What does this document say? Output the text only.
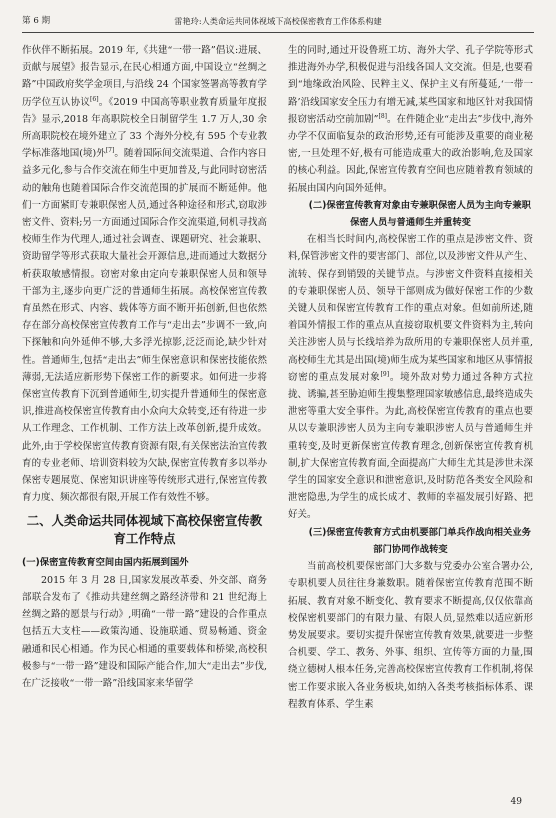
第 6 期	雷艳玲:人类命运共同体视域下高校保密教育工作体系构建

作伙伴不断拓展。2019 年,《共建“一带一路”倡议:进展、贡献与展望》报告显示,在民心相通方面,中国设立“丝绸之路”中国政府奖学金项目,与沿线 24 个国家签署高等教育学历学位互认协议[6]。《2019 中国高等职业教育质量年度报告》显示,2018 年高职院校全日制留学生 1.7 万人,30 余所高职院校在境外建立了 33 个海外分校,有 595 个专业教学标准落地国(境)外[7]。随着国际间交流渠道、合作内容日益多元化,参与合作交流在师生中更加普及,与此同时窃密活动的触角也随着国际合作交流范围的扩展而不断延伸。他们一方面紧盯专兼职保密人员,通过各种途径和形式,窃取涉密文件、资料;另一方面通过国际合作交流渠道,伺机寻找高校师生作为代理人,通过社会调查、课题研究、社会兼职、资助留学等形式获取大量社会开源信息,进而通过大数据分析获取敏感情报。窃密对象由定向专兼职保密人员和领导干部为主,逐步向更广泛的普通师生拓展。高校保密宣传教育虽然在形式、内容、载体等方面不断开拓创新,但也依然存在部分高校保密宣传教育工作与“走出去”步调不一致,向下探触和向外延伸不够,大多浮光掠影,泛泛而论,缺少针对性。普通师生,包括“走出去”师生保密意识和保密技能依然薄弱,无法适应新形势下保密工作的新要求。如何进一步将保密宣传教育下沉到普通师生,切实提升普通师生的保密意识,推进高校保密宣传教育由小众向大众转变,还有待进一步从工作理念、工作机制、工作方法上改革创新,提升成效。此外,由于学校保密宣传教育资源有限,有关保密法治宣传教育的专业老师、培训资料较为欠缺,保密宣传教育多以举办保密专题展览、保密知识讲座等传统形式进行,保密宣传教育力度、频次都很有限,开展工作有效性不够。

二、人类命运共同体视域下高校保密宣传教育工作特点

(一)保密宣传教育空间由国内拓展到国外

2015 年 3 月 28 日,国家发展改革委、外交部、商务部联合发布了《推动共建丝绸之路经济带和 21 世纪海上丝绸之路的愿景与行动》,明确“一带一路”建设的合作重点包括五大支柱——政策沟通、设施联通、贸易畅通、资金融通和民心相通。作为民心相通的重要载体和桥梁,高校积极参与“一带一路”建设和国际产能合作,加大“走出去”步伐,在广泛接收“一带一路”沿线国家来华留学

生的同时,通过开设鲁班工坊、海外大学、孔子学院等形式推进海外办学,积极促进与沿线各国人文交流。但是,也要看到“地缘政治风险、民粹主义、保护主义有所蔓延,‘一带一路’沿线国家安全压力有增无减,某些国家和地区针对我国情报窃密活动空前加剧”[8]。在件随企业“走出去”步伐中,海外办学不仅面临复杂的政治形势,还有可能涉及重要的商业秘密,一旦处理不好,极有可能造成重大的政治影响,危及国家的核心利益。因此,保密宣传教育空间也应随着教育领域的拓展由国内向国外延伸。

(二)保密宣传教育对象由专兼职保密人员为主向专兼职保密人员与普通师生并重转变

在相当长时间内,高校保密工作的重点是涉密文件、资料,保管涉密文件的要害部门、部位,以及涉密文件从产生、流转、保存到销毁的关键节点。与涉密文件资料直接相关的专兼职保密人员、领导干部则成为做好保密工作的少数关键人员和保密宣传教育工作的重点对象。但如前所述,随着国外情报工作的重点从直接窃取机要文件资料为主,转向关注涉密人员与长线培养为敌所用的专兼职保密人员并重,高校师生尤其是出国(境)师生成为某些国家和地区从事情报窃密的重点发展对象[9]。境外敌对势力通过各种方式拉拢、诱骗,甚至胁迫师生搜集整理国家敏感信息,最终造成失泄密等重大安全事件。为此,高校保密宣传教育的重点也要从以专兼职涉密人员为主向专兼职涉密人员与普通师生并重转变,及时更新保密宣传教育理念,创新保密宣传教育机制,扩大保密宣传教育面,全面提高广大师生尤其是涉世未深学生的国家安全意识和泄密意识,及时防范各类安全风险和泄密隐患,为学生的成长成才、教师的幸福发展引好路、把好关。

(三)保密宣传教育方式由机要部门单兵作战向相关业务部门协同作战转变

当前高校机要保密部门大多数与党委办公室合署办公,专职机要人员往往身兼数职。随着保密宣传教育范围不断拓展、教育对象不断变化、教育要求不断提高,仅仅依靠高校保密机要部门的有限力量、有限人员,显然难以适应新形势发展要求。要切实提升保密宣传教育效果,就要进一步整合机要、学工、教务、外事、组织、宣传等方面的力量,围绕立德树人根本任务,完善高校保密宣传教育工作机制,将保密工作要求嵌入各业务板块,如纳入各类考核指标体系、课程教育体系、学生素

49
